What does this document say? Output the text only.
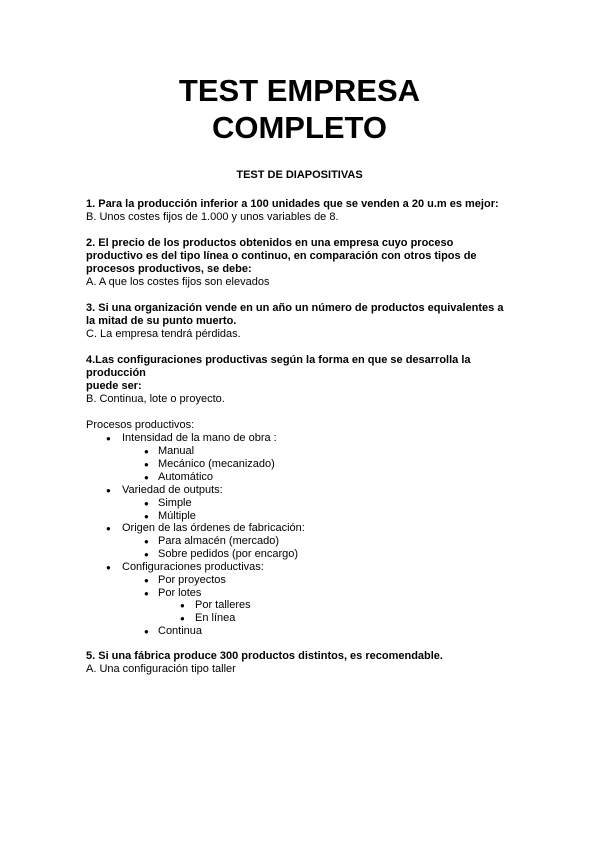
TEST EMPRESA
COMPLETO
TEST DE DIAPOSITIVAS
1. Para la producción inferior a 100 unidades que se venden a 20 u.m es mejor:
B. Unos costes fijos de 1.000 y unos variables de 8.
2. El precio de los productos obtenidos en una empresa cuyo proceso
productivo es del tipo línea o continuo, en comparación con otros tipos de
procesos productivos, se debe:
A. A que los costes fijos son elevados
3. Si una organización vende en un año un número de productos equivalentes a
la mitad de su punto muerto.
C. La empresa tendrá pérdidas.
4.Las configuraciones productivas según la forma en que se desarrolla la
producción
puede ser:
B. Continua, lote o proyecto.
Procesos productivos:
● Intensidad de la mano de obra :
● Manual
● Mecánico (mecanizado)
● Automático
● Variedad de outputs:
● Simple
● Múltiple
● Origen de las órdenes de fabricación:
● Para almacén (mercado)
● Sobre pedidos (por encargo)
● Configuraciones productivas:
● Por proyectos
● Por lotes
● Por talleres
● En línea
● Continua
5. Si una fábrica produce 300 productos distintos, es recomendable.
A. Una configuración tipo taller
